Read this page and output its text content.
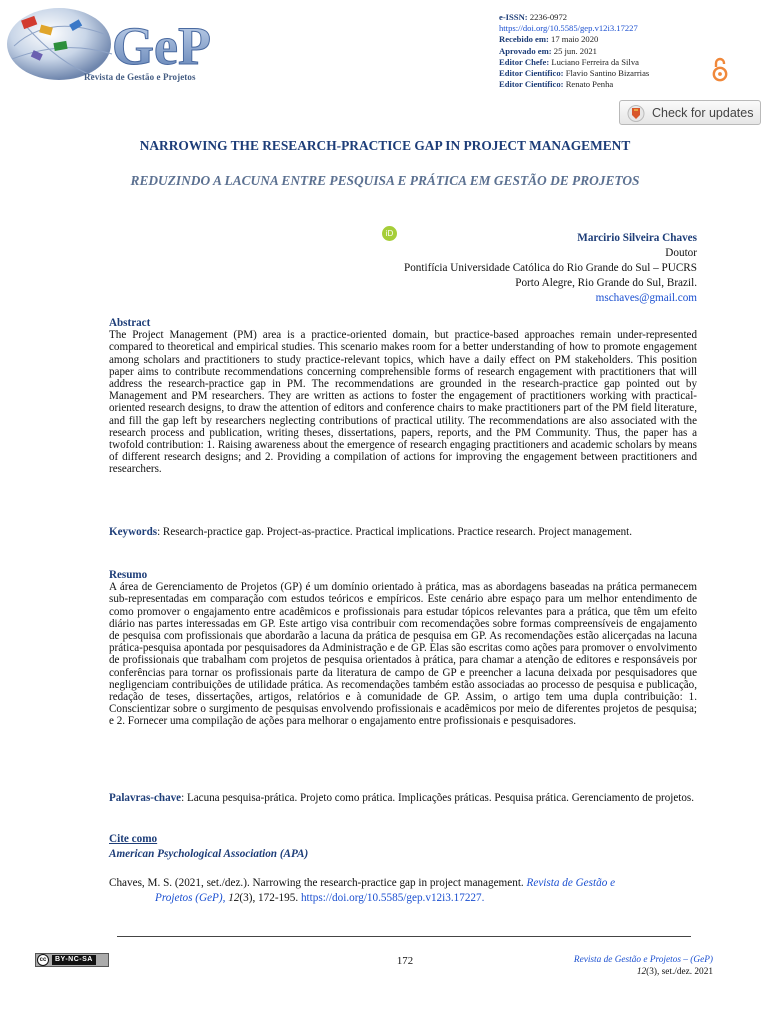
GeP
Revista de Gestão e Projetos
e-ISSN: 2236-0972
https://doi.org/10.5585/gep.v12i3.17227
Recebido em: 17 maio 2020
Aprovado em: 25 jun. 2021
Editor Chefe: Luciano Ferreira da Silva
Editor Científico: Flavio Santino Bizarrias
Editor Científico: Renato Penha
Check for updates
NARROWING THE RESEARCH-PRACTICE GAP IN PROJECT MANAGEMENT
REDUZINDO A LACUNA ENTRE PESQUISA E PRÁTICA EM GESTÃO DE PROJETOS
iD	Marcirio Silveira Chaves
Doutor
Pontifícia Universidade Católica do Rio Grande do Sul – PUCRS
Porto Alegre, Rio Grande do Sul, Brazil.
mschaves@gmail.com
Abstract
The Project Management (PM) area is a practice-oriented domain, but practice-based approaches remain under-represented compared to theoretical and empirical studies. This scenario makes room for a better understanding of how to promote engagement among scholars and practitioners to study practice-relevant topics, which have a daily effect on PM stakeholders. This position paper aims to contribute recommendations concerning comprehensible forms of research engagement with practitioners that will address the research-practice gap in PM. The recommendations are grounded in the research-practice gap pointed out by Management and PM researchers. They are written as actions to foster the engagement of practitioners working with practical-oriented research designs, to draw the attention of editors and conference chairs to make practitioners part of the PM field literature, and fill the gap left by researchers neglecting contributions of practical utility. The recommendations are also associated with the research process and publication, writing theses, dissertations, papers, reports, and the PM Community. Thus, the paper has a twofold contribution: 1. Raising awareness about the emergence of research engaging practitioners and academic scholars by means of different research designs; and 2. Providing a compilation of actions for improving the engagement between practitioners and researchers.
Keywords: Research-practice gap. Project-as-practice. Practical implications. Practice research. Project management.
Resumo
A área de Gerenciamento de Projetos (GP) é um domínio orientado à prática, mas as abordagens baseadas na prática permanecem sub-representadas em comparação com estudos teóricos e empíricos. Este cenário abre espaço para um melhor entendimento de como promover o engajamento entre acadêmicos e profissionais para estudar tópicos relevantes para a prática, que têm um efeito diário nas partes interessadas em GP. Este artigo visa contribuir com recomendações sobre formas compreensíveis de engajamento de pesquisa com profissionais que abordarão a lacuna da prática de pesquisa em GP. As recomendações estão alicerçadas na lacuna prática-pesquisa apontada por pesquisadores da Administração e de GP. Elas são escritas como ações para promover o envolvimento de profissionais que trabalham com projetos de pesquisa orientados à prática, para chamar a atenção de editores e responsáveis por conferências para tornar os profissionais parte da literatura de campo de GP e preencher a lacuna deixada por pesquisadores que negligenciam contribuições de utilidade prática. As recomendações também estão associadas ao processo de pesquisa e publicação, redação de teses, dissertações, artigos, relatórios e à comunidade de GP. Assim, o artigo tem uma dupla contribuição: 1. Conscientizar sobre o surgimento de pesquisas envolvendo profissionais e acadêmicos por meio de diferentes projetos de pesquisa; e 2. Fornecer uma compilação de ações para melhorar o engajamento entre profissionais e pesquisadores.
Palavras-chave: Lacuna pesquisa-prática. Projeto como prática. Implicações práticas. Pesquisa prática. Gerenciamento de projetos.
Cite como
American Psychological Association (APA)
Chaves, M. S. (2021, set./dez.). Narrowing the research-practice gap in project management. Revista de Gestão e
Projetos (GeP), 12(3), 172-195. https://doi.org/10.5585/gep.v12i3.17227.
cc	BY-NC-SA	172	Revista de Gestão e Projetos – (GeP)
12(3), set./dez. 2021
